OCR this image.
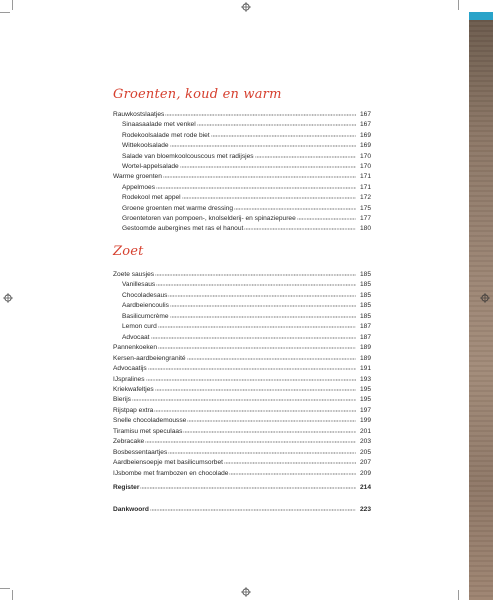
Groenten, koud en warm
Zoet
Rauwkostslaatjes	167
Sinaasaalade met venkel	167
Rodekoolsalade met rode biet	169
Wittekoolsalade	169
Salade van bloemkoolcouscous met radijsjes	170
Wortel-appelsalade	170
Warme groenten	171
Appelmoes	171
Rodekool met appel	172
Groene groenten met warme dressing	175
Groentetoren van pompoen-, knolselderij- en spinaziepuree	177
Gestoomde aubergines met ras el hanout	180
Zoete sausjes	185
Vanillesaus	185
Chocoladesaus	185
Aardbeiencoulis	185
Basilicumcrème	185
Lemon curd	187
Advocaat	187
Pannenkoeken	189
Kersen-aardbeiengranité	189
Advocaatijs	191
IJspralines	193
Kriekwafeltjes	195
Bierijs	195
Rijstpap extra	197
Snelle chocolademousse	199
Tiramisu met speculaas	201
Zebracake	203
Bosbessentaartjes	205
Aardbeiensoepje met basilicumsorbet	207
IJsbombe met frambozen en chocolade	209
Register	214
Dankwoord	223
